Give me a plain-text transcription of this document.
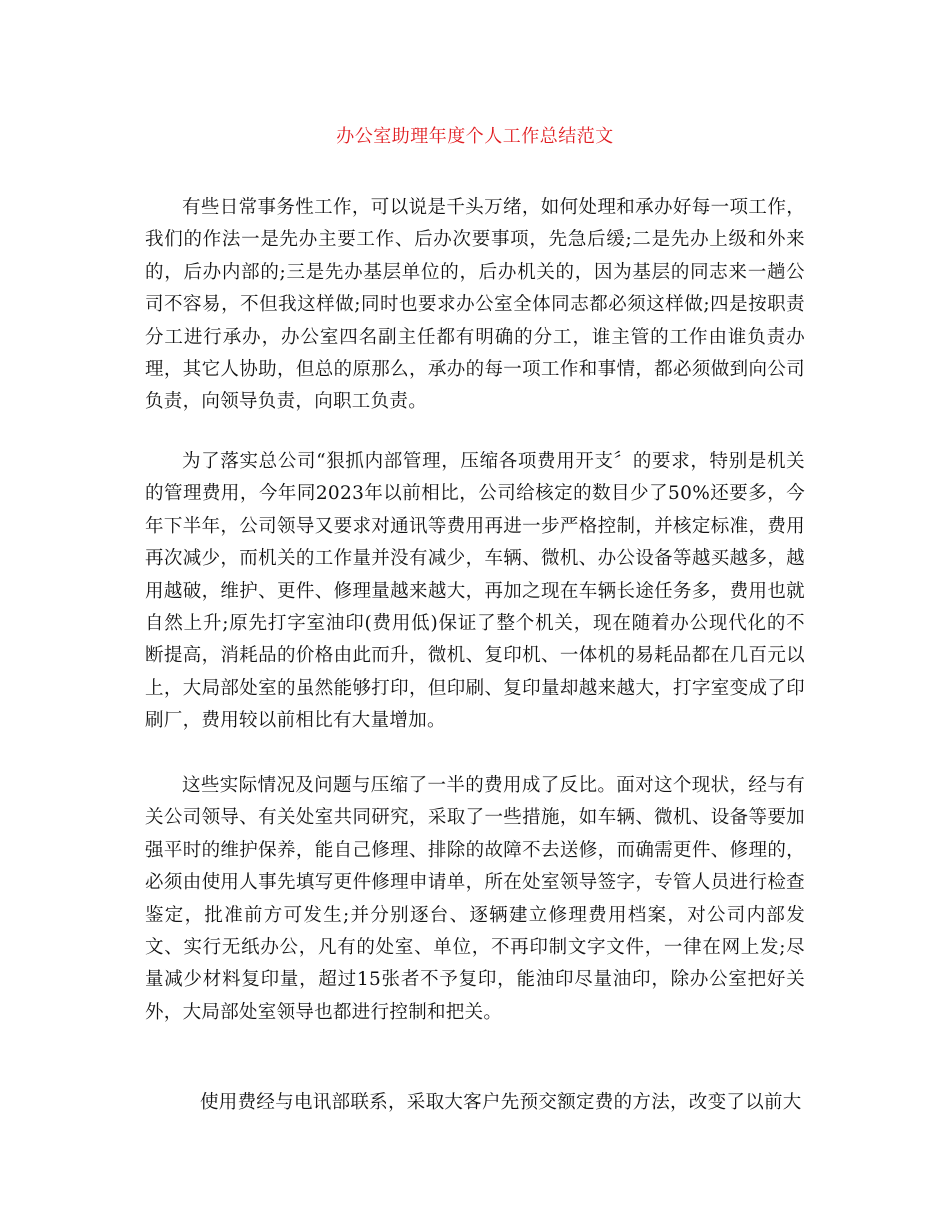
办公室助理年度个人工作总结范文

有些日常事务性工作，可以说是千头万绪，如何处理和承办好每一项工作，我们的作法一是先办主要工作、后办次要事项，先急后缓;二是先办上级和外来的，后办内部的;三是先办基层单位的，后办机关的，因为基层的同志来一趟公司不容易，不但我这样做;同时也要求办公室全体同志都必须这样做;四是按职责分工进行承办，办公室四名副主任都有明确的分工，谁主管的工作由谁负责办理，其它人协助，但总的原那么，承办的每一项工作和事情，都必须做到向公司负责，向领导负责，向职工负责。

为了落实总公司“狠抓内部管理，压缩各项费用开支〞的要求，特别是机关的管理费用，今年同2023年以前相比，公司给核定的数目少了50%还要多，今年下半年，公司领导又要求对通讯等费用再进一步严格控制，并核定标准，费用再次减少，而机关的工作量并没有减少，车辆、微机、办公设备等越买越多，越用越破，维护、更件、修理量越来越大，再加之现在车辆长途任务多，费用也就自然上升;原先打字室油印(费用低)保证了整个机关，现在随着办公现代化的不断提高，消耗品的价格由此而升，微机、复印机、一体机的易耗品都在几百元以上，大局部处室的虽然能够打印，但印刷、复印量却越来越大，打字室变成了印刷厂，费用较以前相比有大量增加。

这些实际情况及问题与压缩了一半的费用成了反比。面对这个现状，经与有关公司领导、有关处室共同研究，采取了一些措施，如车辆、微机、设备等要加强平时的维护保养，能自己修理、排除的故障不去送修，而确需更件、修理的，必须由使用人事先填写更件修理申请单，所在处室领导签字，专管人员进行检查鉴定，批准前方可发生;并分别逐台、逐辆建立修理费用档案，对公司内部发文、实行无纸办公，凡有的处室、单位，不再印制文字文件，一律在网上发;尽量减少材料复印量，超过15张者不予复印，能油印尽量油印，除办公室把好关外，大局部处室领导也都进行控制和把关。

使用费经与电讯部联系，采取大客户先预交额定费的方法，改变了以前大
